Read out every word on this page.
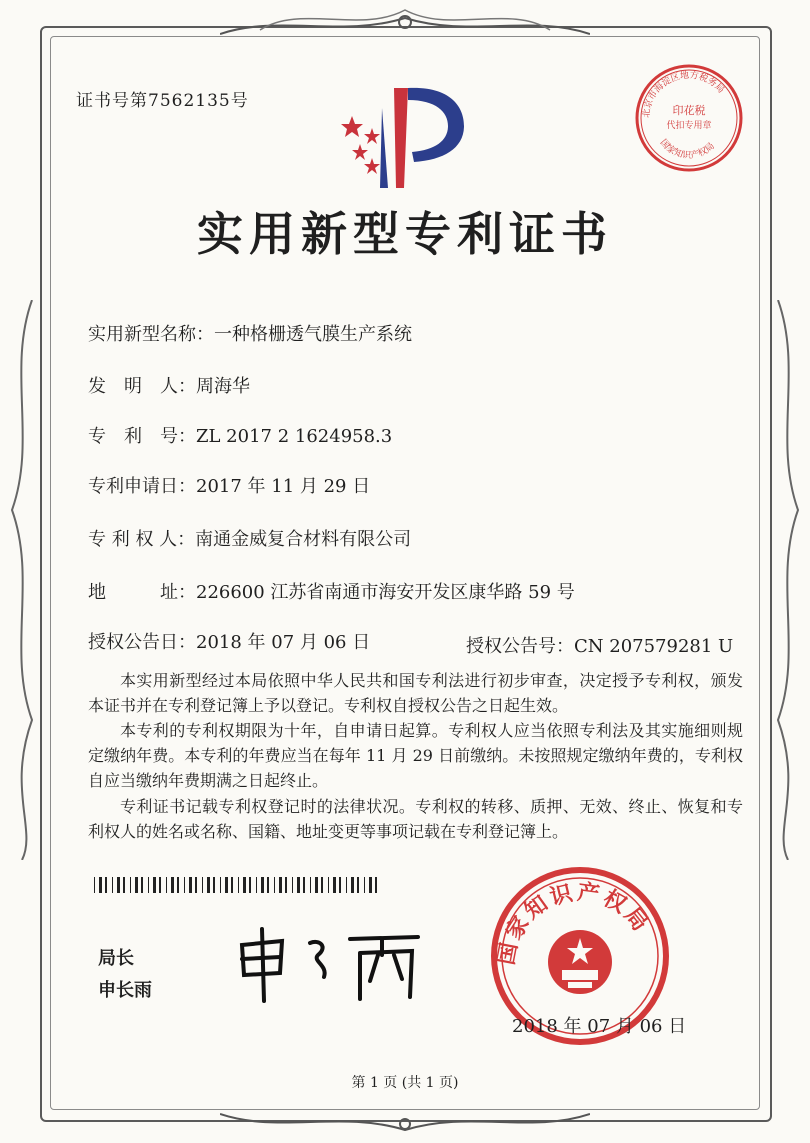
证书号第7562135号
北京市海淀区地方税务局
印花税
代扣专用章
国家知识产权局
实用新型专利证书
实用新型名称：一种格栅透气膜生产系统
发　明　人：周海华
专　利　号：ZL 2017 2 1624958.3
专利申请日：2017 年 11 月 29 日
专 利 权 人：南通金威复合材料有限公司
地　　　址：226600 江苏省南通市海安开发区康华路 59 号
授权公告日：2018 年 07 月 06 日	授权公告号：CN 207579281 U
本实用新型经过本局依照中华人民共和国专利法进行初步审查，决定授予专利权，颁发本证书并在专利登记簿上予以登记。专利权自授权公告之日起生效。
本专利的专利权期限为十年，自申请日起算。专利权人应当依照专利法及其实施细则规定缴纳年费。本专利的年费应当在每年 11 月 29 日前缴纳。未按照规定缴纳年费的，专利权自应当缴纳年费期满之日起终止。
专利证书记载专利权登记时的法律状况。专利权的转移、质押、无效、终止、恢复和专利权人的姓名或名称、国籍、地址变更等事项记载在专利登记簿上。
局长
申长雨
国家知识产权局
2018 年 07 月 06 日
第 1 页 (共 1 页)
